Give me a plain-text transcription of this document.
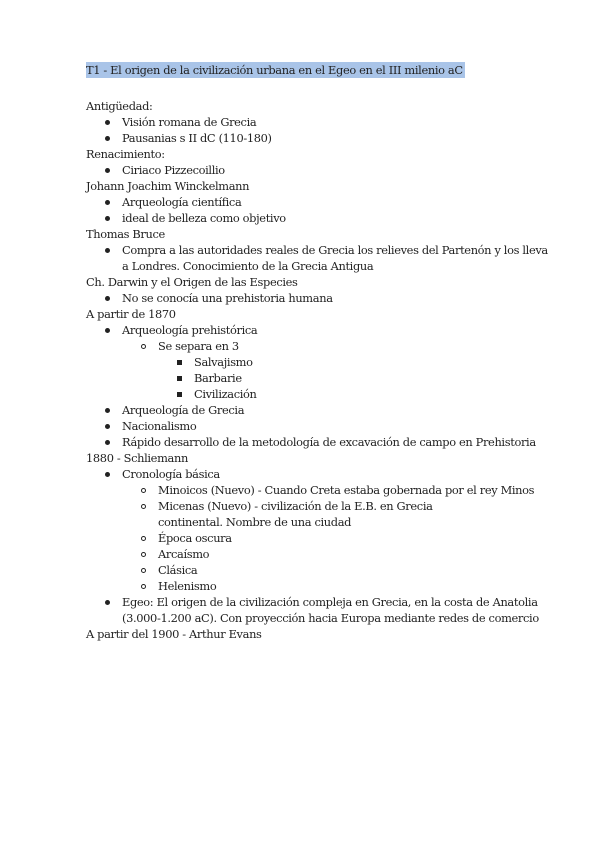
T1 - El origen de la civilización urbana en el Egeo en el III milenio aC
Antigüedad:
Visión romana de Grecia
Pausanias s II dC (110-180)
Renacimiento:
Ciriaco Pizzecoillio
Johann Joachim Winckelmann
Arqueología científica
ideal de belleza como objetivo
Thomas Bruce
Compra a las autoridades reales de Grecia los relieves del Partenón y los lleva a Londres. Conocimiento de la Grecia Antigua
Ch. Darwin y el Origen de las Especies
No se conocía una prehistoria humana
A partir de 1870
Arqueología prehistórica
Se separa en 3
Salvajismo
Barbarie
Civilización
Arqueología de Grecia
Nacionalismo
Rápido desarrollo de la metodología de excavación de campo en Prehistoria
1880 - Schliemann
Cronología básica
Minoicos (Nuevo) - Cuando Creta estaba gobernada por el rey Minos
Micenas (Nuevo) - civilización de la E.B. en Grecia continental. Nombre de una ciudad
Época oscura
Arcaísmo
Clásica
Helenismo
Egeo: El origen de la civilización compleja en Grecia, en la costa de Anatolia (3.000-1.200 aC). Con proyección hacia Europa mediante redes de comercio
A partir del 1900 - Arthur Evans
